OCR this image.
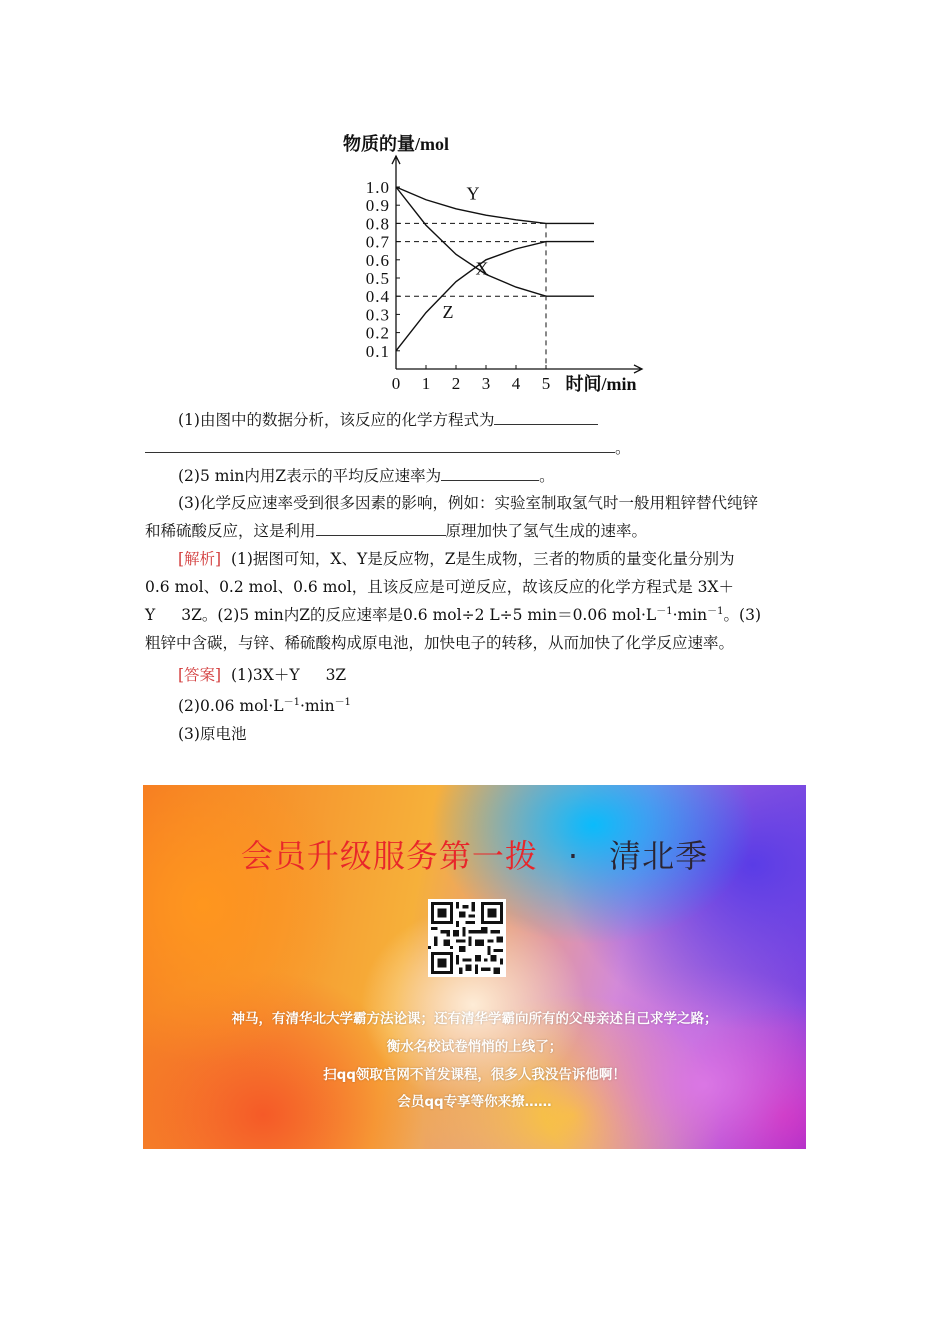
0.1
0.2
0.3
0.4
0.5
0.6
0.7
0.8
0.9
1.0
0 1 2 3 4 5
物质的量/mol
时间/min
Y
X
Z
(1)由图中的数据分析，该反应的化学方程式为
。
(2)5 min内用Z表示的平均反应速率为	。
(3)化学反应速率受到很多因素的影响，例如：实验室制取氢气时一般用粗锌替代纯锌
和稀硫酸反应，这是利用	原理加快了氢气生成的速率。
[解析] (1)据图可知，X、Y是反应物，Z是生成物，三者的物质的量变化量分别为
0.6 mol、0.2 mol、0.6 mol，且该反应是可逆反应，故该反应的化学方程式是 3X＋
Y 3Z。(2)5 min内Z的反应速率是0.6 mol÷2 L÷5 min＝0.06 $mol\cdot L^{-1}\cdot\min^{-1}$。(3)
粗锌中含碳，与锌、稀硫酸构成原电池，加快电子的转移，从而加快了化学反应速率。
[答案] (1)3X＋Y 3Z
(2)0.06 $mol\cdot L^{-1}\cdot\min^{-1}$
(3)原电池
会员升级服务第一拨 · 清北季
神马，有清华北大学霸方法论课；还有清华学霸向所有的父母亲述自己求学之路；
衡水名校试卷悄悄的上线了；
扫qq领取官网不首发课程，很多人我没告诉他啊！
会员qq专享等你来撩……
